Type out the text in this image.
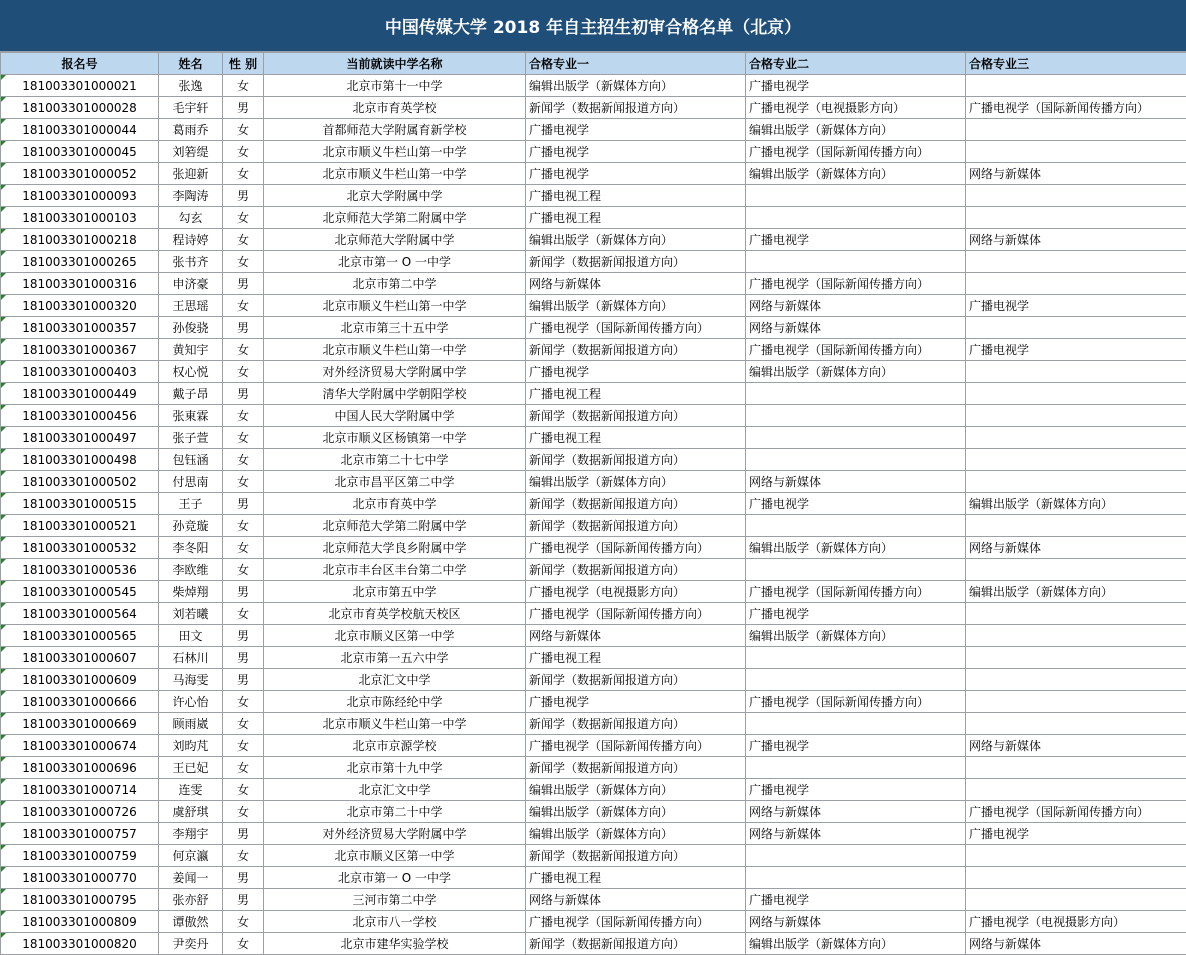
中国传媒大学 2018 年自主招生初审合格名单（北京）
报名号	姓名	性 别	当前就读中学名称	合格专业一	合格专业二	合格专业三
181003301000021	张逸	女	北京市第十一中学	编辑出版学（新媒体方向）	广播电视学	
181003301000028	毛宇轩	男	北京市育英学校	新闻学（数据新闻报道方向）	广播电视学（电视摄影方向）	广播电视学（国际新闻传播方向）
181003301000044	葛雨乔	女	首都师范大学附属育新学校	广播电视学	编辑出版学（新媒体方向）	
181003301000045	刘箬缇	女	北京市顺义牛栏山第一中学	广播电视学	广播电视学（国际新闻传播方向）	
181003301000052	张迎新	女	北京市顺义牛栏山第一中学	广播电视学	编辑出版学（新媒体方向）	网络与新媒体
181003301000093	李陶涛	男	北京大学附属中学	广播电视工程		
181003301000103	勾玄	女	北京师范大学第二附属中学	广播电视工程		
181003301000218	程诗婷	女	北京师范大学附属中学	编辑出版学（新媒体方向）	广播电视学	网络与新媒体
181003301000265	张书齐	女	北京市第一 O 一中学	新闻学（数据新闻报道方向）		
181003301000316	申济豪	男	北京市第二中学	网络与新媒体	广播电视学（国际新闻传播方向）	
181003301000320	王思瑶	女	北京市顺义牛栏山第一中学	编辑出版学（新媒体方向）	网络与新媒体	广播电视学
181003301000357	孙俊骁	男	北京市第三十五中学	广播电视学（国际新闻传播方向）	网络与新媒体	
181003301000367	黄知宇	女	北京市顺义牛栏山第一中学	新闻学（数据新闻报道方向）	广播电视学（国际新闻传播方向）	广播电视学
181003301000403	权心悦	女	对外经济贸易大学附属中学	广播电视学	编辑出版学（新媒体方向）	
181003301000449	戴子昂	男	清华大学附属中学朝阳学校	广播电视工程		
181003301000456	张東霖	女	中国人民大学附属中学	新闻学（数据新闻报道方向）		
181003301000497	张子萱	女	北京市顺义区杨镇第一中学	广播电视工程		
181003301000498	包钰涵	女	北京市第二十七中学	新闻学（数据新闻报道方向）		
181003301000502	付思南	女	北京市昌平区第二中学	编辑出版学（新媒体方向）	网络与新媒体	
181003301000515	王子	男	北京市育英中学	新闻学（数据新闻报道方向）	广播电视学	编辑出版学（新媒体方向）
181003301000521	孙竞璇	女	北京师范大学第二附属中学	新闻学（数据新闻报道方向）		
181003301000532	李冬阳	女	北京师范大学良乡附属中学	广播电视学（国际新闻传播方向）	编辑出版学（新媒体方向）	网络与新媒体
181003301000536	李欧维	女	北京市丰台区丰台第二中学	新闻学（数据新闻报道方向）		
181003301000545	柴焯翔	男	北京市第五中学	广播电视学（电视摄影方向）	广播电视学（国际新闻传播方向）	编辑出版学（新媒体方向）
181003301000564	刘若曦	女	北京市育英学校航天校区	广播电视学（国际新闻传播方向）	广播电视学	
181003301000565	田文	男	北京市顺义区第一中学	网络与新媒体	编辑出版学（新媒体方向）	
181003301000607	石林川	男	北京市第一五六中学	广播电视工程		
181003301000609	马海雯	男	北京汇文中学	新闻学（数据新闻报道方向）		
181003301000666	许心怡	女	北京市陈经纶中学	广播电视学	广播电视学（国际新闻传播方向）	
181003301000669	顾雨崴	女	北京市顺义牛栏山第一中学	新闻学（数据新闻报道方向）		
181003301000674	刘昀芃	女	北京市京源学校	广播电视学（国际新闻传播方向）	广播电视学	网络与新媒体
181003301000696	王已妃	女	北京市第十九中学	新闻学（数据新闻报道方向）		
181003301000714	连雯	女	北京汇文中学	编辑出版学（新媒体方向）	广播电视学	
181003301000726	虞舒琪	女	北京市第二十中学	编辑出版学（新媒体方向）	网络与新媒体	广播电视学（国际新闻传播方向）
181003301000757	李翔宇	男	对外经济贸易大学附属中学	编辑出版学（新媒体方向）	网络与新媒体	广播电视学
181003301000759	何京瀛	女	北京市顺义区第一中学	新闻学（数据新闻报道方向）		
181003301000770	姜闻一	男	北京市第一 O 一中学	广播电视工程		
181003301000795	张亦舒	男	三河市第二中学	网络与新媒体	广播电视学	
181003301000809	谭傲然	女	北京市八一学校	广播电视学（国际新闻传播方向）	网络与新媒体	广播电视学（电视摄影方向）
181003301000820	尹奕丹	女	北京市建华实验学校	新闻学（数据新闻报道方向）	编辑出版学（新媒体方向）	网络与新媒体
